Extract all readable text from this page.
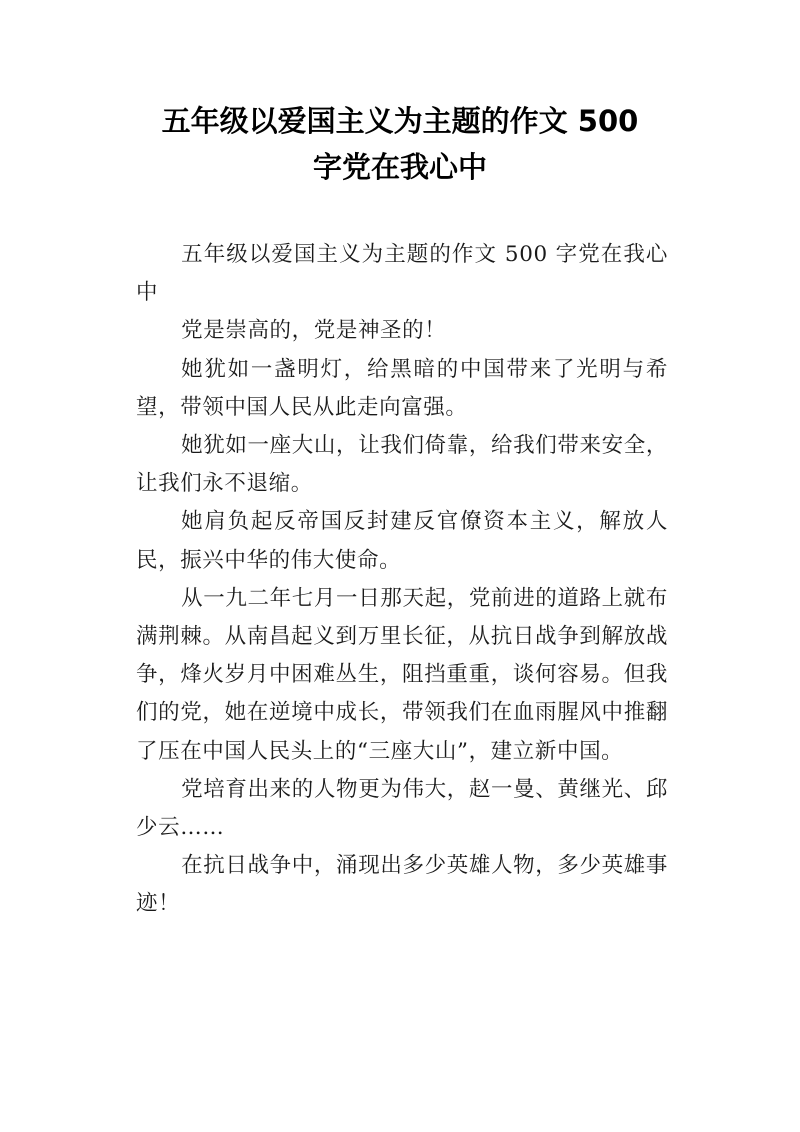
五年级以爱国主义为主题的作文 500
字党在我心中

五年级以爱国主义为主题的作文 500 字党在我心中

党是崇高的，党是神圣的！

她犹如一盏明灯，给黑暗的中国带来了光明与希望，带领中国人民从此走向富强。

她犹如一座大山，让我们倚靠，给我们带来安全，让我们永不退缩。

她肩负起反帝国反封建反官僚资本主义，解放人民，振兴中华的伟大使命。

从一九二年七月一日那天起，党前进的道路上就布满荆棘。从南昌起义到万里长征，从抗日战争到解放战争，烽火岁月中困难丛生，阻挡重重，谈何容易。但我们的党，她在逆境中成长，带领我们在血雨腥风中推翻了压在中国人民头上的“三座大山”，建立新中国。

党培育出来的人物更为伟大，赵一曼、黄继光、邱少云……

在抗日战争中，涌现出多少英雄人物，多少英雄事迹！
